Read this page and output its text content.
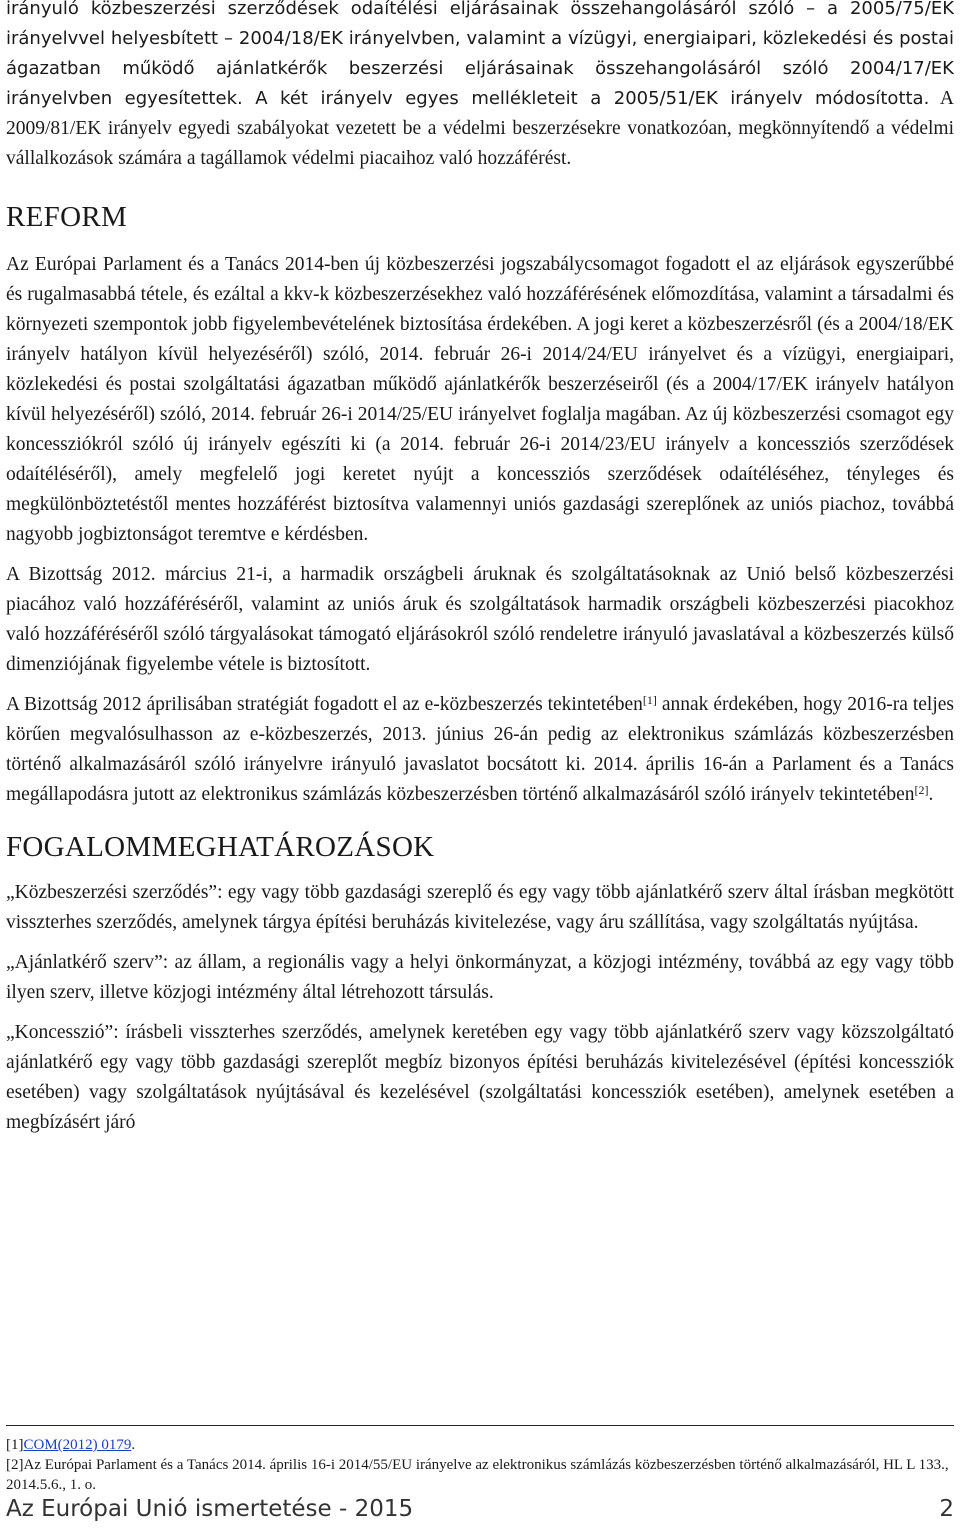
irányuló közbeszerzési szerződések odaítélési eljárásainak összehangolásáról szóló – a 2005/75/EK irányelvvel helyesbített – 2004/18/EK irányelvben, valamint a vízügyi, energiaipari, közlekedési és postai ágazatban működő ajánlatkérők beszerzési eljárásainak összehangolásáról szóló 2004/17/EK irányelvben egyesítettek. A két irányelv egyes mellékleteit a 2005/51/EK irányelv módosította. A 2009/81/EK irányelv egyedi szabályokat vezetett be a védelmi beszerzésekre vonatkozóan, megkönnyítendő a védelmi vállalkozások számára a tagállamok védelmi piacaihoz való hozzáférést.

REFORM

Az Európai Parlament és a Tanács 2014-ben új közbeszerzési jogszabálycsomagot fogadott el az eljárások egyszerűbbé és rugalmasabbá tétele, és ezáltal a kkv-k közbeszerzésekhez való hozzáférésének előmozdítása, valamint a társadalmi és környezeti szempontok jobb figyelembevételének biztosítása érdekében. A jogi keret a közbeszerzésről (és a 2004/18/EK irányelv hatályon kívül helyezéséről) szóló, 2014. február 26-i 2014/24/EU irányelvet és a vízügyi, energiaipari, közlekedési és postai szolgáltatási ágazatban működő ajánlatkérők beszerzéseiről (és a 2004/17/EK irányelv hatályon kívül helyezéséről) szóló, 2014. február 26-i 2014/25/EU irányelvet foglalja magában. Az új közbeszerzési csomagot egy koncessziókról szóló új irányelv egészíti ki (a 2014. február 26-i 2014/23/EU irányelv a koncessziós szerződések odaítéléséről), amely megfelelő jogi keretet nyújt a koncessziós szerződések odaítéléséhez, tényleges és megkülönböztetéstől mentes hozzáférést biztosítva valamennyi uniós gazdasági szereplőnek az uniós piachoz, továbbá nagyobb jogbiztonságot teremtve e kérdésben.

A Bizottság 2012. március 21-i, a harmadik országbeli áruknak és szolgáltatásoknak az Unió belső közbeszerzési piacához való hozzáféréséről, valamint az uniós áruk és szolgáltatások harmadik országbeli közbeszerzési piacokhoz való hozzáféréséről szóló tárgyalásokat támogató eljárásokról szóló rendeletre irányuló javaslatával a közbeszerzés külső dimenziójának figyelembe vétele is biztosított.

A Bizottság 2012 áprilisában stratégiát fogadott el az e-közbeszerzés tekintetében[1] annak érdekében, hogy 2016-ra teljes körűen megvalósulhasson az e-közbeszerzés, 2013. június 26-án pedig az elektronikus számlázás közbeszerzésben történő alkalmazásáról szóló irányelvre irányuló javaslatot bocsátott ki. 2014. április 16-án a Parlament és a Tanács megállapodásra jutott az elektronikus számlázás közbeszerzésben történő alkalmazásáról szóló irányelv tekintetében[2].

FOGALOMMEGHATÁROZÁSOK

„Közbeszerzési szerződés”: egy vagy több gazdasági szereplő és egy vagy több ajánlatkérő szerv által írásban megkötött visszterhes szerződés, amelynek tárgya építési beruházás kivitelezése, vagy áru szállítása, vagy szolgáltatás nyújtása.

„Ajánlatkérő szerv”: az állam, a regionális vagy a helyi önkormányzat, a közjogi intézmény, továbbá az egy vagy több ilyen szerv, illetve közjogi intézmény által létrehozott társulás.

„Koncesszió”: írásbeli visszterhes szerződés, amelynek keretében egy vagy több ajánlatkérő szerv vagy közszolgáltató ajánlatkérő egy vagy több gazdasági szereplőt megbíz bizonyos építési beruházás kivitelezésével (építési koncessziók esetében) vagy szolgáltatások nyújtásával és kezelésével (szolgáltatási koncessziók esetében), amelynek esetében a megbízásért járó

[1]COM(2012) 0179.
[2]Az Európai Parlament és a Tanács 2014. április 16-i 2014/55/EU irányelve az elektronikus számlázás közbeszerzésben történő alkalmazásáról, HL L 133., 2014.5.6., 1. o.
Az Európai Unió ismertetése - 2015	2
